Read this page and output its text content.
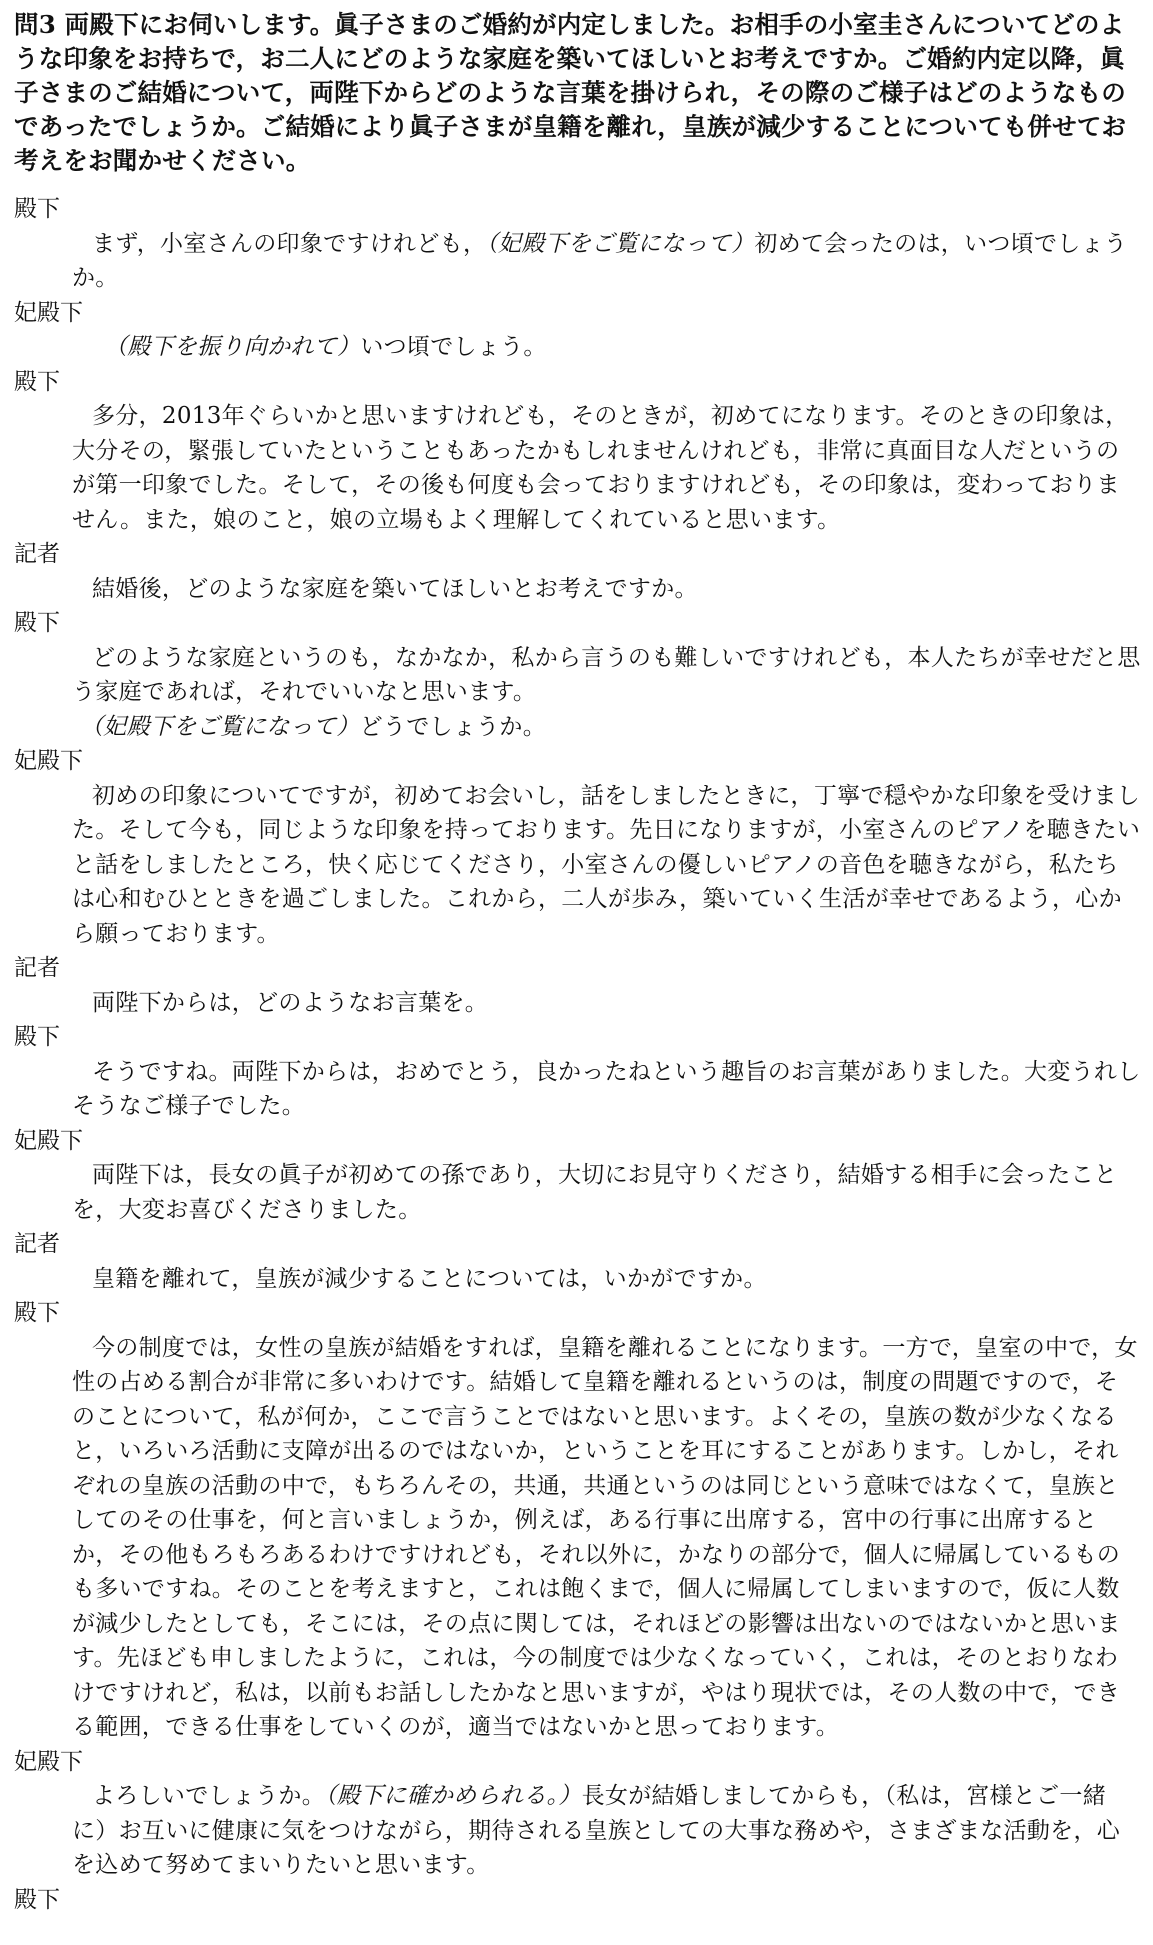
問3 両殿下にお伺いします。眞子さまのご婚約が内定しました。お相手の小室圭さんについてどのような印象をお持ちで，お二人にどのような家庭を築いてほしいとお考えですか。ご婚約内定以降，眞子さまのご結婚について，両陛下からどのような言葉を掛けられ，その際のご様子はどのようなものであったでしょうか。ご結婚により眞子さまが皇籍を離れ，皇族が減少することについても併せてお考えをお聞かせください。

殿下

まず，小室さんの印象ですけれども，（妃殿下をご覧になって）初めて会ったのは，いつ頃でしょうか。

妃殿下

（殿下を振り向かれて）いつ頃でしょう。

殿下

多分，2013年ぐらいかと思いますけれども，そのときが，初めてになります。そのときの印象は，大分その，緊張していたということもあったかもしれませんけれども，非常に真面目な人だというのが第一印象でした。そして，その後も何度も会っておりますけれども，その印象は，変わっておりません。また，娘のこと，娘の立場もよく理解してくれていると思います。

記者

結婚後，どのような家庭を築いてほしいとお考えですか。

殿下

どのような家庭というのも，なかなか，私から言うのも難しいですけれども，本人たちが幸せだと思う家庭であれば，それでいいなと思います。

（妃殿下をご覧になって）どうでしょうか。

妃殿下

初めの印象についてですが，初めてお会いし，話をしましたときに，丁寧で穏やかな印象を受けました。そして今も，同じような印象を持っております。先日になりますが，小室さんのピアノを聴きたいと話をしましたところ，快く応じてくださり，小室さんの優しいピアノの音色を聴きながら，私たちは心和むひとときを過ごしました。これから，二人が歩み，築いていく生活が幸せであるよう，心から願っております。

記者

両陛下からは，どのようなお言葉を。

殿下

そうですね。両陛下からは，おめでとう，良かったねという趣旨のお言葉がありました。大変うれしそうなご様子でした。

妃殿下

両陛下は，長女の眞子が初めての孫であり，大切にお見守りくださり，結婚する相手に会ったことを，大変お喜びくださりました。

記者

皇籍を離れて，皇族が減少することについては，いかがですか。

殿下

今の制度では，女性の皇族が結婚をすれば，皇籍を離れることになります。一方で，皇室の中で，女性の占める割合が非常に多いわけです。結婚して皇籍を離れるというのは，制度の問題ですので，そのことについて，私が何か，ここで言うことではないと思います。よくその，皇族の数が少なくなると，いろいろ活動に支障が出るのではないか，ということを耳にすることがあります。しかし，それぞれの皇族の活動の中で，もちろんその，共通，共通というのは同じという意味ではなくて，皇族としてのその仕事を，何と言いましょうか，例えば，ある行事に出席する，宮中の行事に出席するとか，その他もろもろあるわけですけれども，それ以外に，かなりの部分で，個人に帰属しているものも多いですね。そのことを考えますと，これは飽くまで，個人に帰属してしまいますので，仮に人数が減少したとしても，そこには，その点に関しては，それほどの影響は出ないのではないかと思います。先ほども申しましたように，これは，今の制度では少なくなっていく，これは，そのとおりなわけですけれど，私は，以前もお話ししたかなと思いますが，やはり現状では，その人数の中で，できる範囲，できる仕事をしていくのが，適当ではないかと思っております。

妃殿下

よろしいでしょうか。（殿下に確かめられる。）長女が結婚しましてからも，（私は，宮様とご一緒に）お互いに健康に気をつけながら，期待される皇族としての大事な務めや，さまざまな活動を，心を込めて努めてまいりたいと思います。

殿下
